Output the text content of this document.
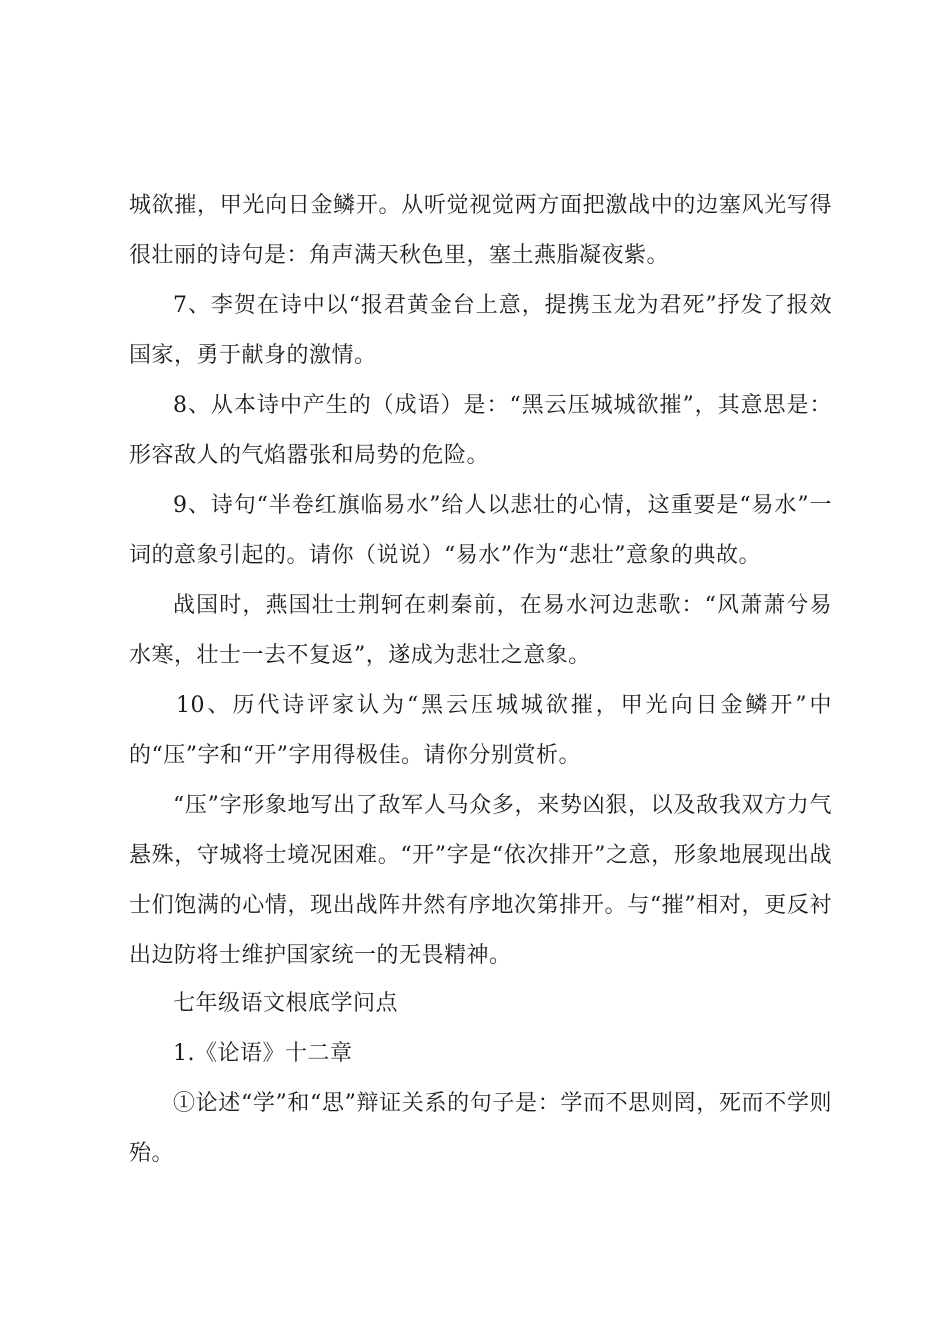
城欲摧，甲光向日金鳞开。从听觉视觉两方面把激战中的边塞风光写得很壮丽的诗句是：角声满天秋色里，塞土燕脂凝夜紫。

7、李贺在诗中以“报君黄金台上意，提携玉龙为君死”抒发了报效国家，勇于献身的激情。

8、从本诗中产生的（成语）是：“黑云压城城欲摧”，其意思是：形容敌人的气焰嚣张和局势的危险。

9、诗句“半卷红旗临易水”给人以悲壮的心情，这重要是“易水”一词的意象引起的。请你（说说）“易水”作为“悲壮”意象的典故。

战国时，燕国壮士荆轲在刺秦前，在易水河边悲歌：“风萧萧兮易水寒，壮士一去不复返”，遂成为悲壮之意象。

10、历代诗评家认为“黑云压城城欲摧，甲光向日金鳞开”中的“压”字和“开”字用得极佳。请你分别赏析。

“压”字形象地写出了敌军人马众多，来势凶狠，以及敌我双方力气悬殊，守城将士境况困难。“开”字是“依次排开”之意，形象地展现出战士们饱满的心情，现出战阵井然有序地次第排开。与“摧”相对，更反衬出边防将士维护国家统一的无畏精神。

七年级语文根底学问点

1.《论语》十二章

①论述“学”和“思”辩证关系的句子是：学而不思则罔，死而不学则殆。
